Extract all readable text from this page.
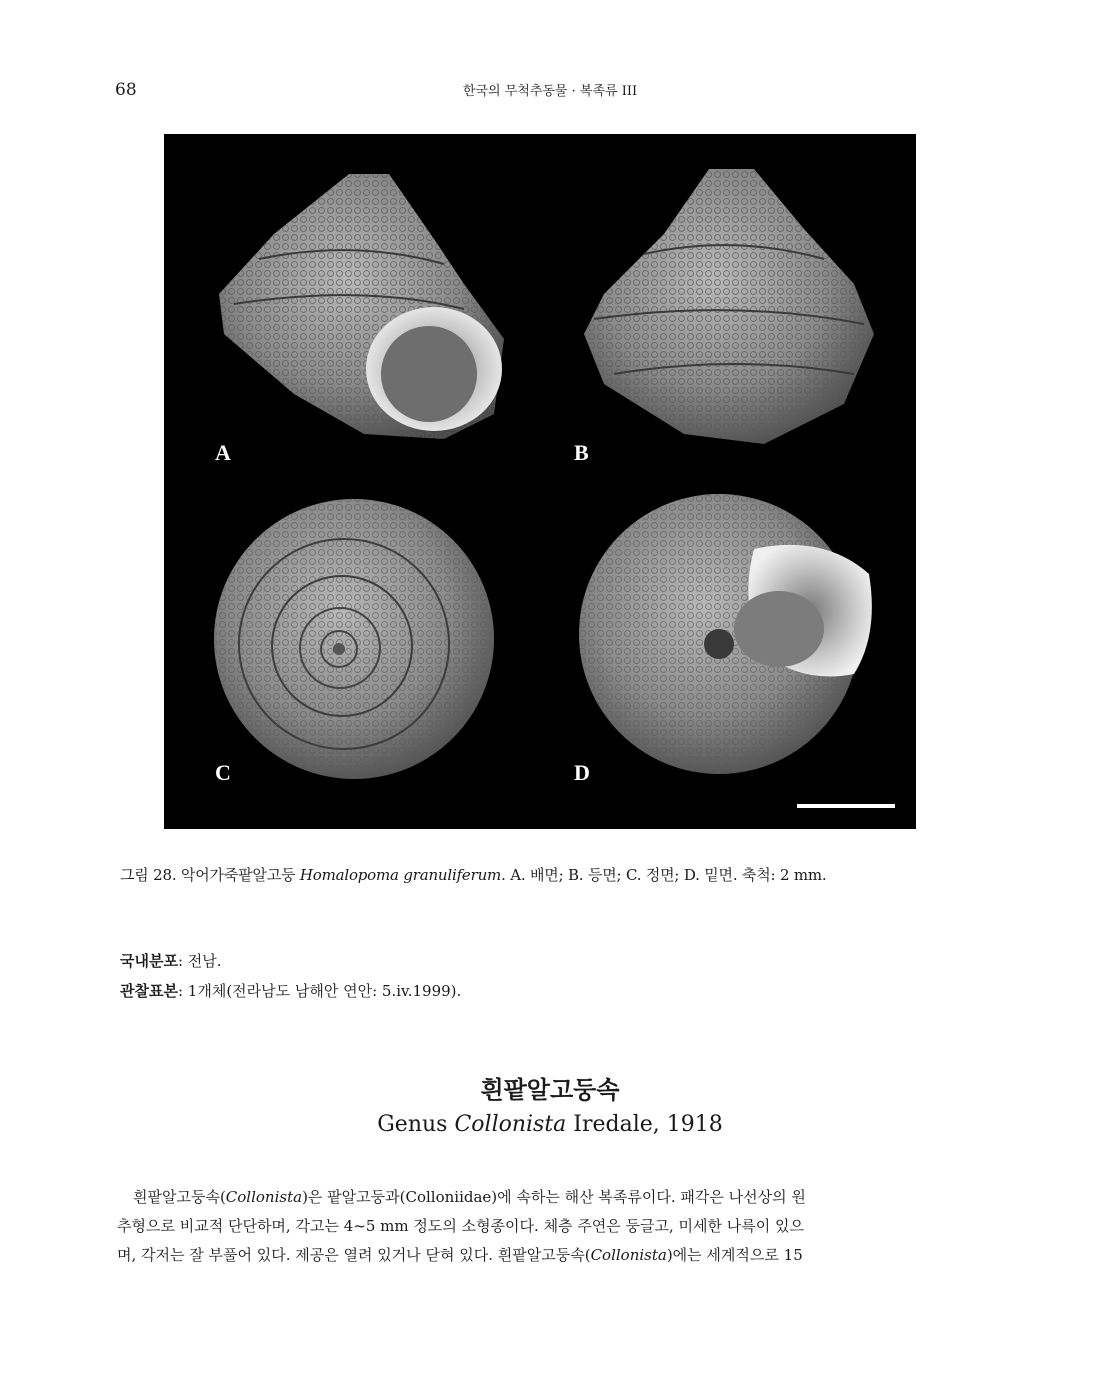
68	한국의 무척추동물 · 복족류 III
A	B
C	D
그림 28. 악어가죽팥알고둥 Homalopoma granuliferum. A. 배면; B. 등면; C. 정면; D. 밑면. 축척: 2 mm.
국내분포: 전남.
관찰표본: 1개체(전라남도 남해안 연안: 5.iv.1999).
흰팥알고둥속
Genus Collonista Iredale, 1918
흰팥알고둥속(Collonista)은 팥알고둥과(Colloniidae)에 속하는 해산 복족류이다. 패각은 나선상의 원
추형으로 비교적 단단하며, 각고는 4~5 mm 정도의 소형종이다. 체층 주연은 둥글고, 미세한 나륵이 있으
며, 각저는 잘 부풀어 있다. 제공은 열려 있거나 닫혀 있다. 흰팥알고둥속(Collonista)에는 세계적으로 15
